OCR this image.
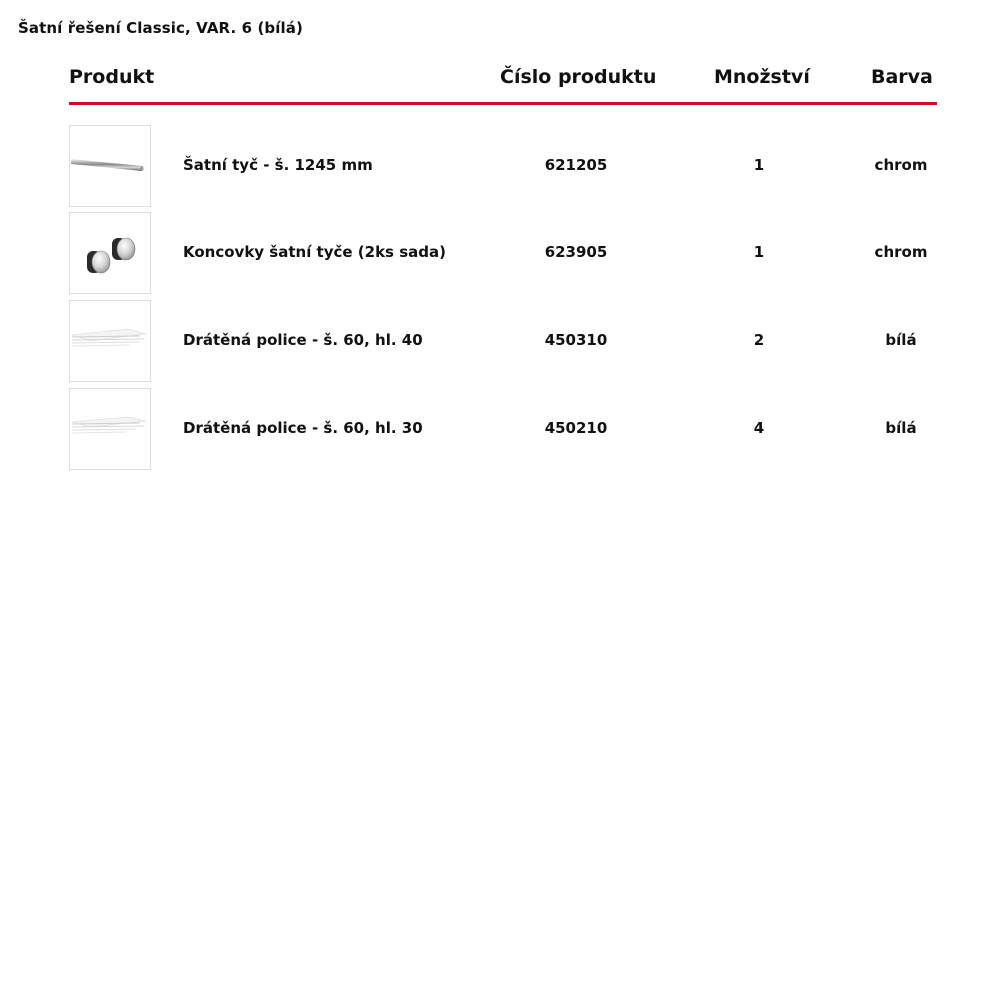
Šatní řešení Classic, VAR. 6 (bílá)
Produkt	Číslo produktu	Množství	Barva
Šatní tyč - š. 1245 mm	621205	1	chrom
Koncovky šatní tyče (2ks sada)	623905	1	chrom
Drátěná police - š. 60, hl. 40	450310	2	bílá
Drátěná police - š. 60, hl. 30	450210	4	bílá
